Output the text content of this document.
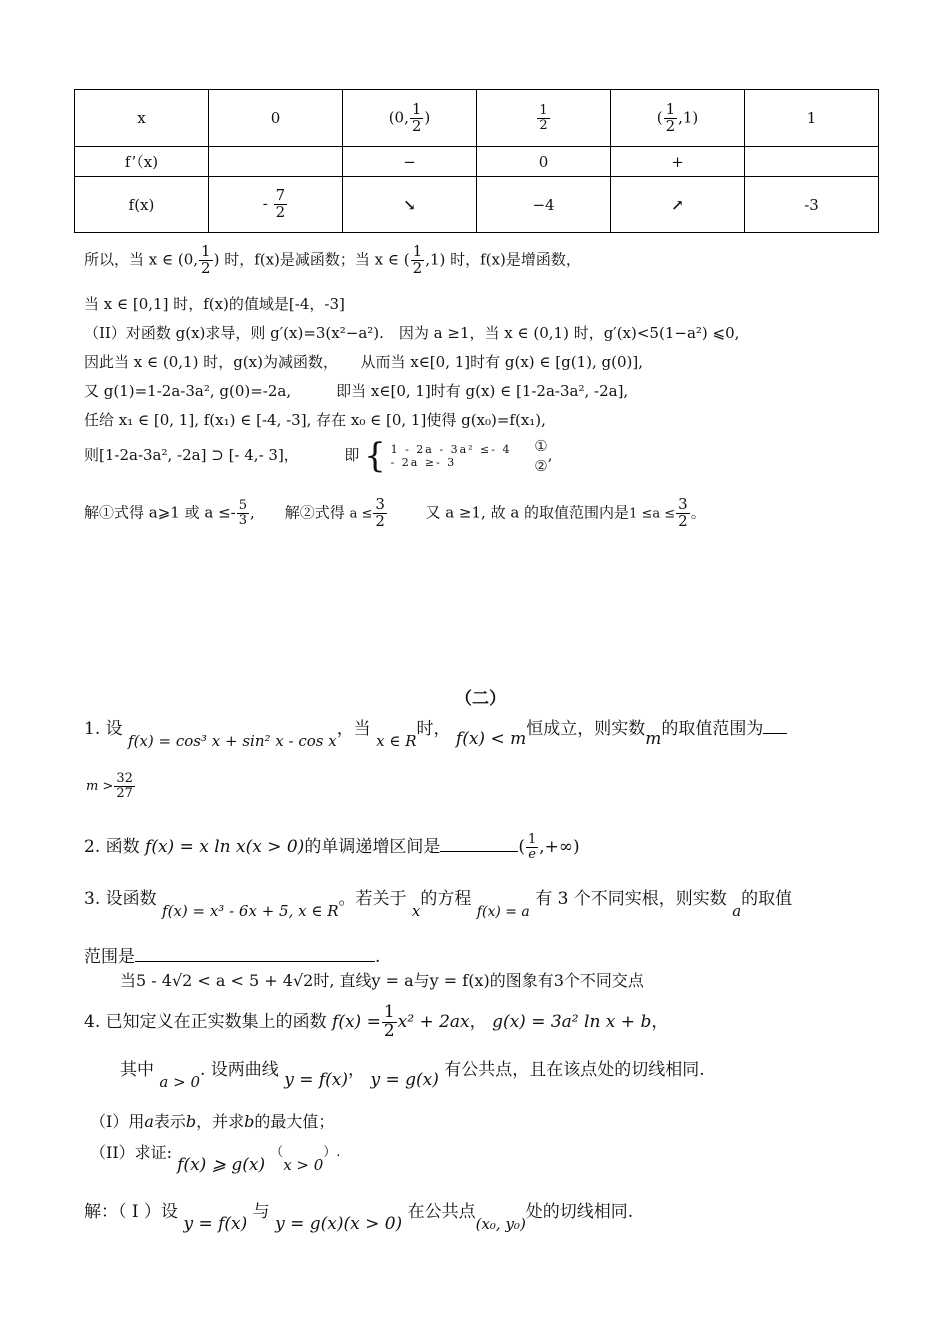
x	0	(0, $\frac{1}{2}$ )	$\frac{1}{2}$	( $\frac{1}{2} ,1$)	1
f’（x)		−	0	+	
f(x)	- $\frac{7}{2}$	↘	−4	↗	-3
所以，当 x ∈ (0, $\frac{1}{2}$ ) 时，f(x)是减函数；当 x ∈ ( $\frac{1}{2} ,1$) 时，f(x)是增函数，
当 x ∈ [0,1] 时，f(x)的值域是[-4，-3]
（II）对函数 g(x)求导，则 g′(x)=3(x²−a²).　因为 a ≥1，当 x ∈ (0,1) 时，g′(x)<5(1−a²) ⩽0,
因此当 x ∈ (0,1) 时，g(x)为减函数，　　从而当 x∈[0, 1]时有 g(x) ∈ [g(1), g(0)],
又 g(1)=1-2a-3a², g(0)=-2a,　　　即当 x∈[0, 1]时有 g(x) ∈ [1-2a-3a², -2a],
任给 x₁ ∈ [0, 1], f(x₁) ∈ [-4, -3], 存在 x₀ ∈ [0, 1]使得 g(x₀)=f(x₁),
则[1-2a-3a², -2a] ⊃ [- 4,- 3]，	即 { 1 - 2a - 3a² ≤- 4
- 2a ≥- 3

①
②
,
解①式得 a⩾1 或 $a \le- \frac{5}{3}$ ,　　解②式得 $a \le \frac{3}{2}$	又 a ≥1, 故 a 的取值范围内是$1 \le a \le \frac{3}{2}$ 。
（二）
1. 设 f(x) = cos³ x + sin² x - cos x，当 x ∈ R时， f(x) < m恒成立，则实数m的取值范围为
$m > \frac{32}{27}$
2. 函数 f(x) = x ln x(x > 0)的单调递增区间是	( $\frac{1}{e}$ ,+∞)
3. 设函数 f(x) = x³ - 6x + 5, x ∈ R。若关于 x的方程 $_{f(x) = a}$ 有 3 个不同实根，则实数 a的取值
范围是	.
当5 - 4√2 < a < 5 + 4√2时, 直线y = a与y = f(x)的图象有3个不同交点
4. 已知定义在正实数集上的函数 $f(x) = \frac{1}{2} x^2 + 2ax$， g(x) = 3a² ln x + b，
其中 a > 0. 设两曲线 y = f(x)， y = g(x) 有公共点，且在该点处的切线相同.
（I）用a表示b，并求b的最大值；
（II）求证: f(x) ⩾ g(x) （x > 0）.
解：（ I ）设 y = f(x) 与 y = g(x)(x > 0) 在公共点(x₀, y₀)处的切线相同.
